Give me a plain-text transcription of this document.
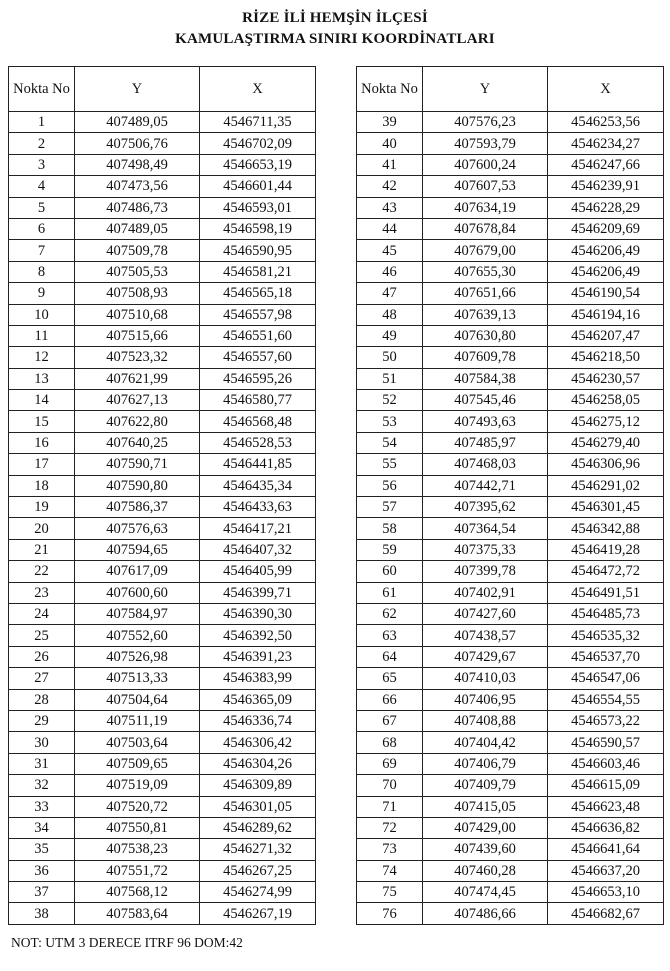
RİZE İLİ HEMŞİN İLÇESİ
KAMULAŞTIRMA SINIRI KOORDİNATLARI
Nokta No	Y	X
1	407489,05	4546711,35
2	407506,76	4546702,09
3	407498,49	4546653,19
4	407473,56	4546601,44
5	407486,73	4546593,01
6	407489,05	4546598,19
7	407509,78	4546590,95
8	407505,53	4546581,21
9	407508,93	4546565,18
10	407510,68	4546557,98
11	407515,66	4546551,60
12	407523,32	4546557,60
13	407621,99	4546595,26
14	407627,13	4546580,77
15	407622,80	4546568,48
16	407640,25	4546528,53
17	407590,71	4546441,85
18	407590,80	4546435,34
19	407586,37	4546433,63
20	407576,63	4546417,21
21	407594,65	4546407,32
22	407617,09	4546405,99
23	407600,60	4546399,71
24	407584,97	4546390,30
25	407552,60	4546392,50
26	407526,98	4546391,23
27	407513,33	4546383,99
28	407504,64	4546365,09
29	407511,19	4546336,74
30	407503,64	4546306,42
31	407509,65	4546304,26
32	407519,09	4546309,89
33	407520,72	4546301,05
34	407550,81	4546289,62
35	407538,23	4546271,32
36	407551,72	4546267,25
37	407568,12	4546274,99
38	407583,64	4546267,19
Nokta No	Y	X
39	407576,23	4546253,56
40	407593,79	4546234,27
41	407600,24	4546247,66
42	407607,53	4546239,91
43	407634,19	4546228,29
44	407678,84	4546209,69
45	407679,00	4546206,49
46	407655,30	4546206,49
47	407651,66	4546190,54
48	407639,13	4546194,16
49	407630,80	4546207,47
50	407609,78	4546218,50
51	407584,38	4546230,57
52	407545,46	4546258,05
53	407493,63	4546275,12
54	407485,97	4546279,40
55	407468,03	4546306,96
56	407442,71	4546291,02
57	407395,62	4546301,45
58	407364,54	4546342,88
59	407375,33	4546419,28
60	407399,78	4546472,72
61	407402,91	4546491,51
62	407427,60	4546485,73
63	407438,57	4546535,32
64	407429,67	4546537,70
65	407410,03	4546547,06
66	407406,95	4546554,55
67	407408,88	4546573,22
68	407404,42	4546590,57
69	407406,79	4546603,46
70	407409,79	4546615,09
71	407415,05	4546623,48
72	407429,00	4546636,82
73	407439,60	4546641,64
74	407460,28	4546637,20
75	407474,45	4546653,10
76	407486,66	4546682,67
NOT: UTM 3 DERECE ITRF 96 DOM:42
